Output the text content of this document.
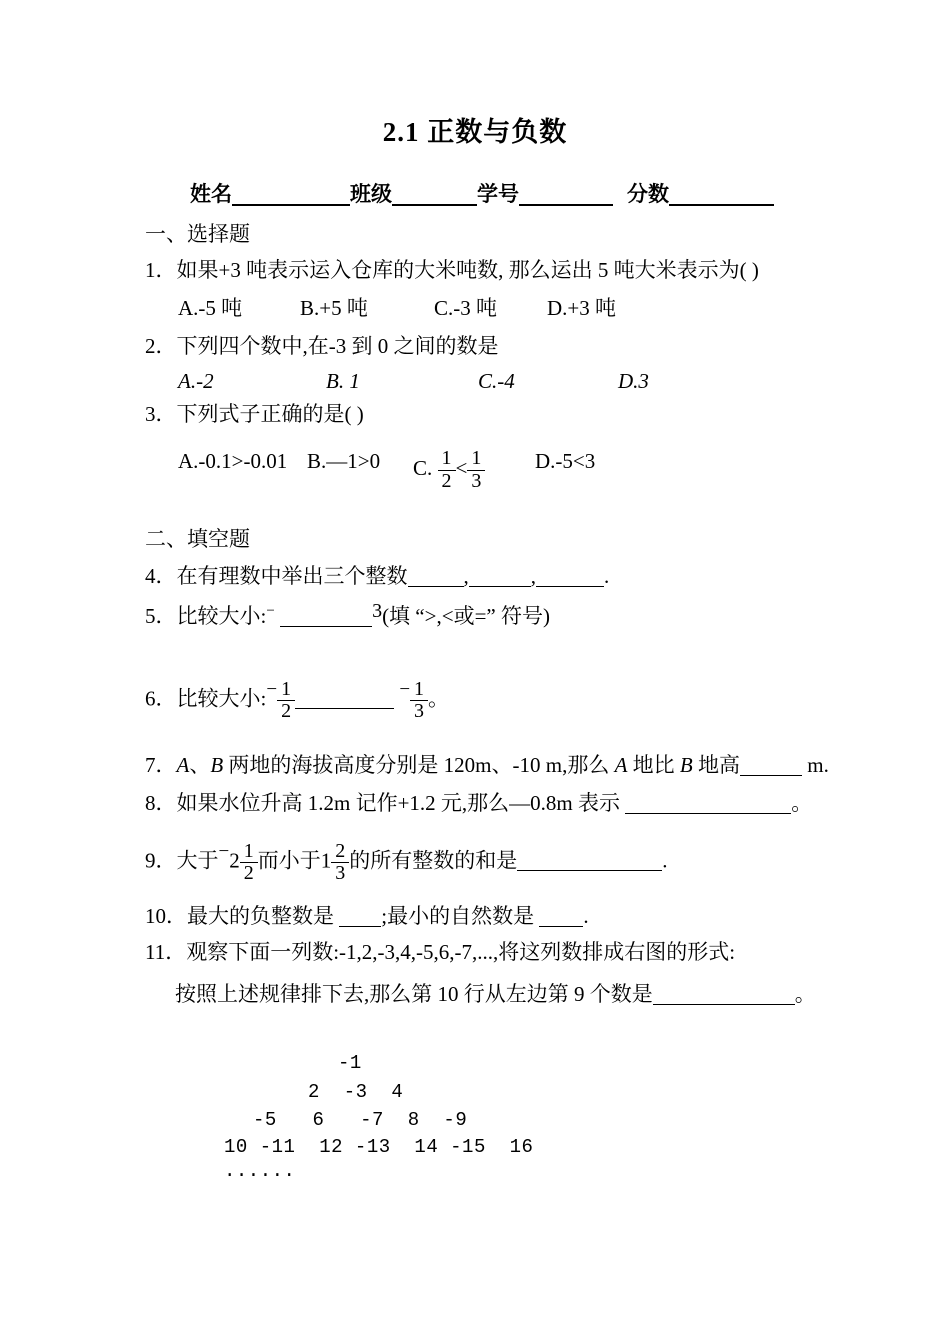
2.1 正数与负数
姓名	班级	学号	分数
一、选择题
1．如果+3 吨表示运入仓库的大米吨数, 那么运出 5 吨大米表示为( )
A.-5 吨	B.+5 吨	C.-3 吨 D.+3 吨
2．下列四个数中,在-3 到 0 之间的数是
A.-2	B. 1	C.-4	D.3
3．下列式子正确的是( )
A.-0.1>-0.01 B.—1>0 C. $\frac{1}{2} < \frac{1}{3} D.-5<3$
二、填空题
4．在有理数中举出三个整数	,	,	.
5．比较大小:−	3(填 “>,<或=” 符号)
6．比较大小:− $\frac{1}{2}$	− $\frac{1}{3}$ 。
7．A、B 两地的海拔高度分别是 120m、-10 m,那么 A 地比 B 地高	m.
8．如果水位升高 1.2m 记作+1.2 元,那么—0.8m 表示	。
9．大于$-2 \frac{1}{2}$ 而小于$1 \frac{2}{3}$ 的所有整数的和是	.
10．最大的负整数是 ;最小的自然数是 .
11．观察下面一列数:-1,2,-3,4,-5,6,-7,...,将这列数排成右图的形式:
按照上述规律排下去,那么第 10 行从左边第 9 个数是	。
-1
2  -3  4
-5   6   -7  8  -9
10 -11  12 -13  14 -15  16
......
